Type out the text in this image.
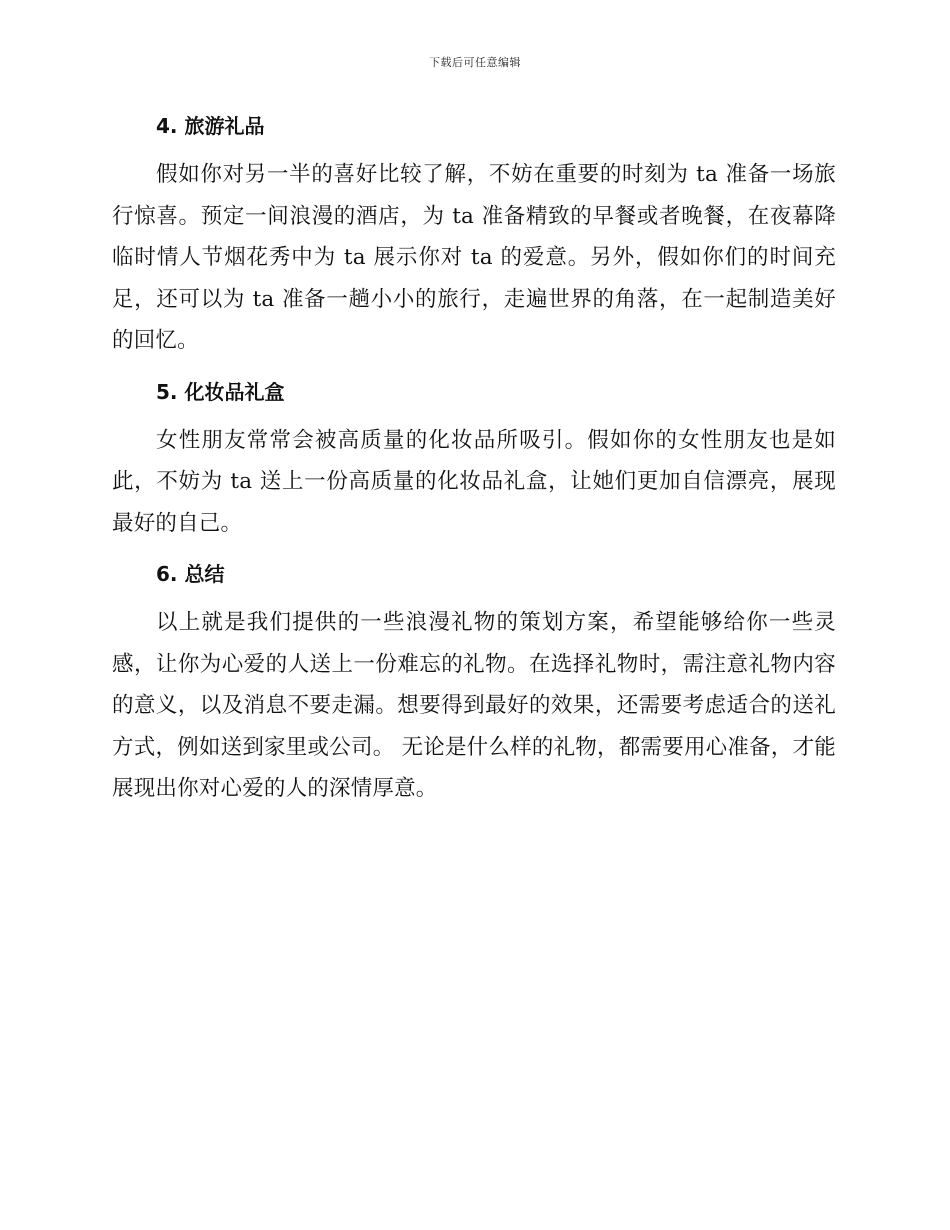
下载后可任意编辑
4. 旅游礼品

假如你对另一半的喜好比较了解，不妨在重要的时刻为 ta 准备一场旅行惊喜。预定一间浪漫的酒店，为 ta 准备精致的早餐或者晚餐，在夜幕降临时情人节烟花秀中为 ta 展示你对 ta 的爱意。另外，假如你们的时间充足，还可以为 ta 准备一趟小小的旅行，走遍世界的角落，在一起制造美好的回忆。

5. 化妆品礼盒

女性朋友常常会被高质量的化妆品所吸引。假如你的女性朋友也是如此，不妨为 ta 送上一份高质量的化妆品礼盒，让她们更加自信漂亮，展现最好的自己。

6. 总结

以上就是我们提供的一些浪漫礼物的策划方案，希望能够给你一些灵感，让你为心爱的人送上一份难忘的礼物。在选择礼物时，需注意礼物内容的意义，以及消息不要走漏。想要得到最好的效果，还需要考虑适合的送礼方式，例如送到家里或公司。 无论是什么样的礼物，都需要用心准备，才能展现出你对心爱的人的深情厚意。
